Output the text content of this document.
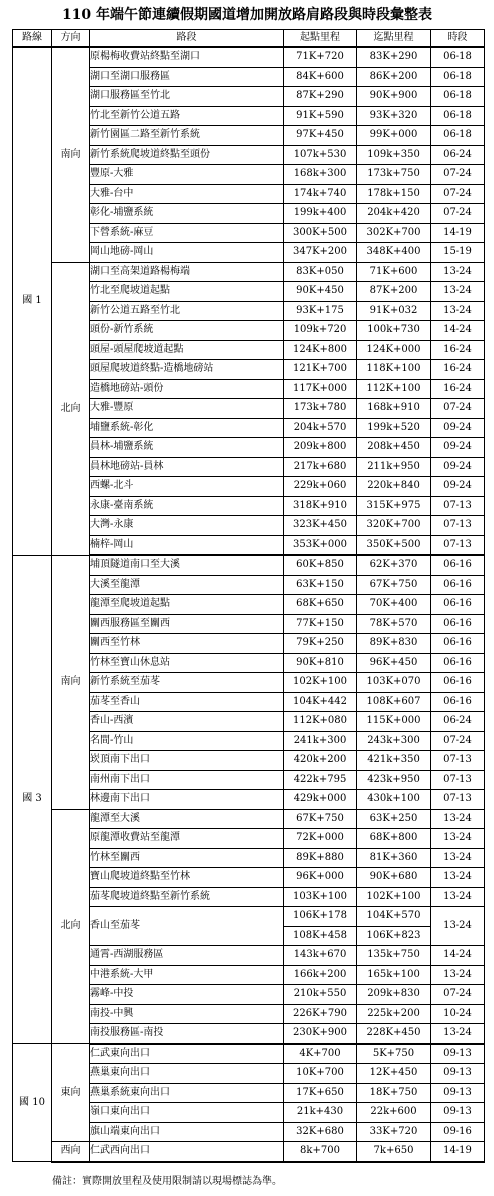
110 年端午節連續假期國道增加開放路肩路段與時段彙整表
路線	方向	路段	起點里程	迄點里程	時段
國 1	南向	原楊梅收費站終點至湖口	71K+720	83K+290	06-18
		湖口至湖口服務區	84K+600	86K+200	06-18
		湖口服務區至竹北	87K+290	90K+900	06-18
		竹北至新竹公道五路	91K+590	93K+320	06-18
		新竹園區二路至新竹系統	97K+450	99K+000	06-18
		新竹系統爬坡道終點至頭份	107k+530	109k+350	06-24
		豐原-大雅	168k+300	173k+750	07-24
		大雅-台中	174k+740	178k+150	07-24
		彰化-埔鹽系統	199k+400	204k+420	07-24
		下營系統-麻豆	300K+500	302K+700	14-19
		岡山地磅-岡山	347K+200	348K+400	15-19
	北向	湖口至高架道路楊梅端	83K+050	71K+600	13-24
		竹北至爬坡道起點	90K+450	87K+200	13-24
		新竹公道五路至竹北	93K+175	91K+032	13-24
		頭份-新竹系統	109k+720	100k+730	14-24
		頭屋-頭屋爬坡道起點	124K+800	124K+000	16-24
		頭屋爬坡道終點-造橋地磅站	121K+700	118K+100	16-24
		造橋地磅站-頭份	117K+000	112K+100	16-24
		大雅-豐原	173k+780	168k+910	07-24
		埔鹽系統-彰化	204k+570	199k+520	09-24
		員林-埔鹽系統	209k+800	208k+450	09-24
		員林地磅站-員林	217k+680	211k+950	09-24
		西螺-北斗	229k+060	220k+840	09-24
		永康-臺南系統	318K+910	315K+975	07-13
		大灣-永康	323K+450	320K+700	07-13
		楠梓-岡山	353K+000	350K+500	07-13
國 3	南向	埔頂隧道南口至大溪	60K+850	62K+370	06-16
		大溪至龍潭	63K+150	67K+750	06-16
		龍潭至爬坡道起點	68K+650	70K+400	06-16
		關西服務區至關西	77K+150	78K+570	06-16
		關西至竹林	79K+250	89K+830	06-16
		竹林至寶山休息站	90K+810	96K+450	06-16
		新竹系統至茄苳	102K+100	103K+070	06-16
		茄苳至香山	104K+442	108K+607	06-16
		香山-西濱	112K+080	115K+000	06-24
		名間-竹山	241k+300	243k+300	07-24
		崁頂南下出口	420k+200	421k+350	07-13
		南州南下出口	422k+795	423k+950	07-13
		林邊南下出口	429k+000	430k+100	07-13
	北向	龍潭至大溪	67K+750	63K+250	13-24
		原龍潭收費站至龍潭	72K+000	68K+800	13-24
		竹林至關西	89K+880	81K+360	13-24
		寶山爬坡道終點至竹林	96K+000	90K+680	13-24
		茄苳爬坡道終點至新竹系統	103K+100	102K+100	13-24
		香山至茄苳	106K+178	104K+570	13-24
			108K+458	106K+823	
		通霄-西湖服務區	143k+670	135k+750	14-24
		中港系統-大甲	166k+200	165k+100	13-24
		霧峰-中投	210k+550	209k+830	07-24
		南投-中興	226K+790	225k+200	10-24
		南投服務區-南投	230K+900	228K+450	13-24
國 10	東向	仁武東向出口	4K+700	5K+750	09-13
		燕巢東向出口	10K+700	12K+450	09-13
		燕巢系統東向出口	17K+650	18K+750	09-13
		嶺口東向出口	21k+430	22k+600	09-13
		旗山端東向出口	32K+680	33K+720	09-16
	西向	仁武西向出口	8k+700	7k+650	14-19
備註：實際開放里程及使用限制請以現場標誌為準。
